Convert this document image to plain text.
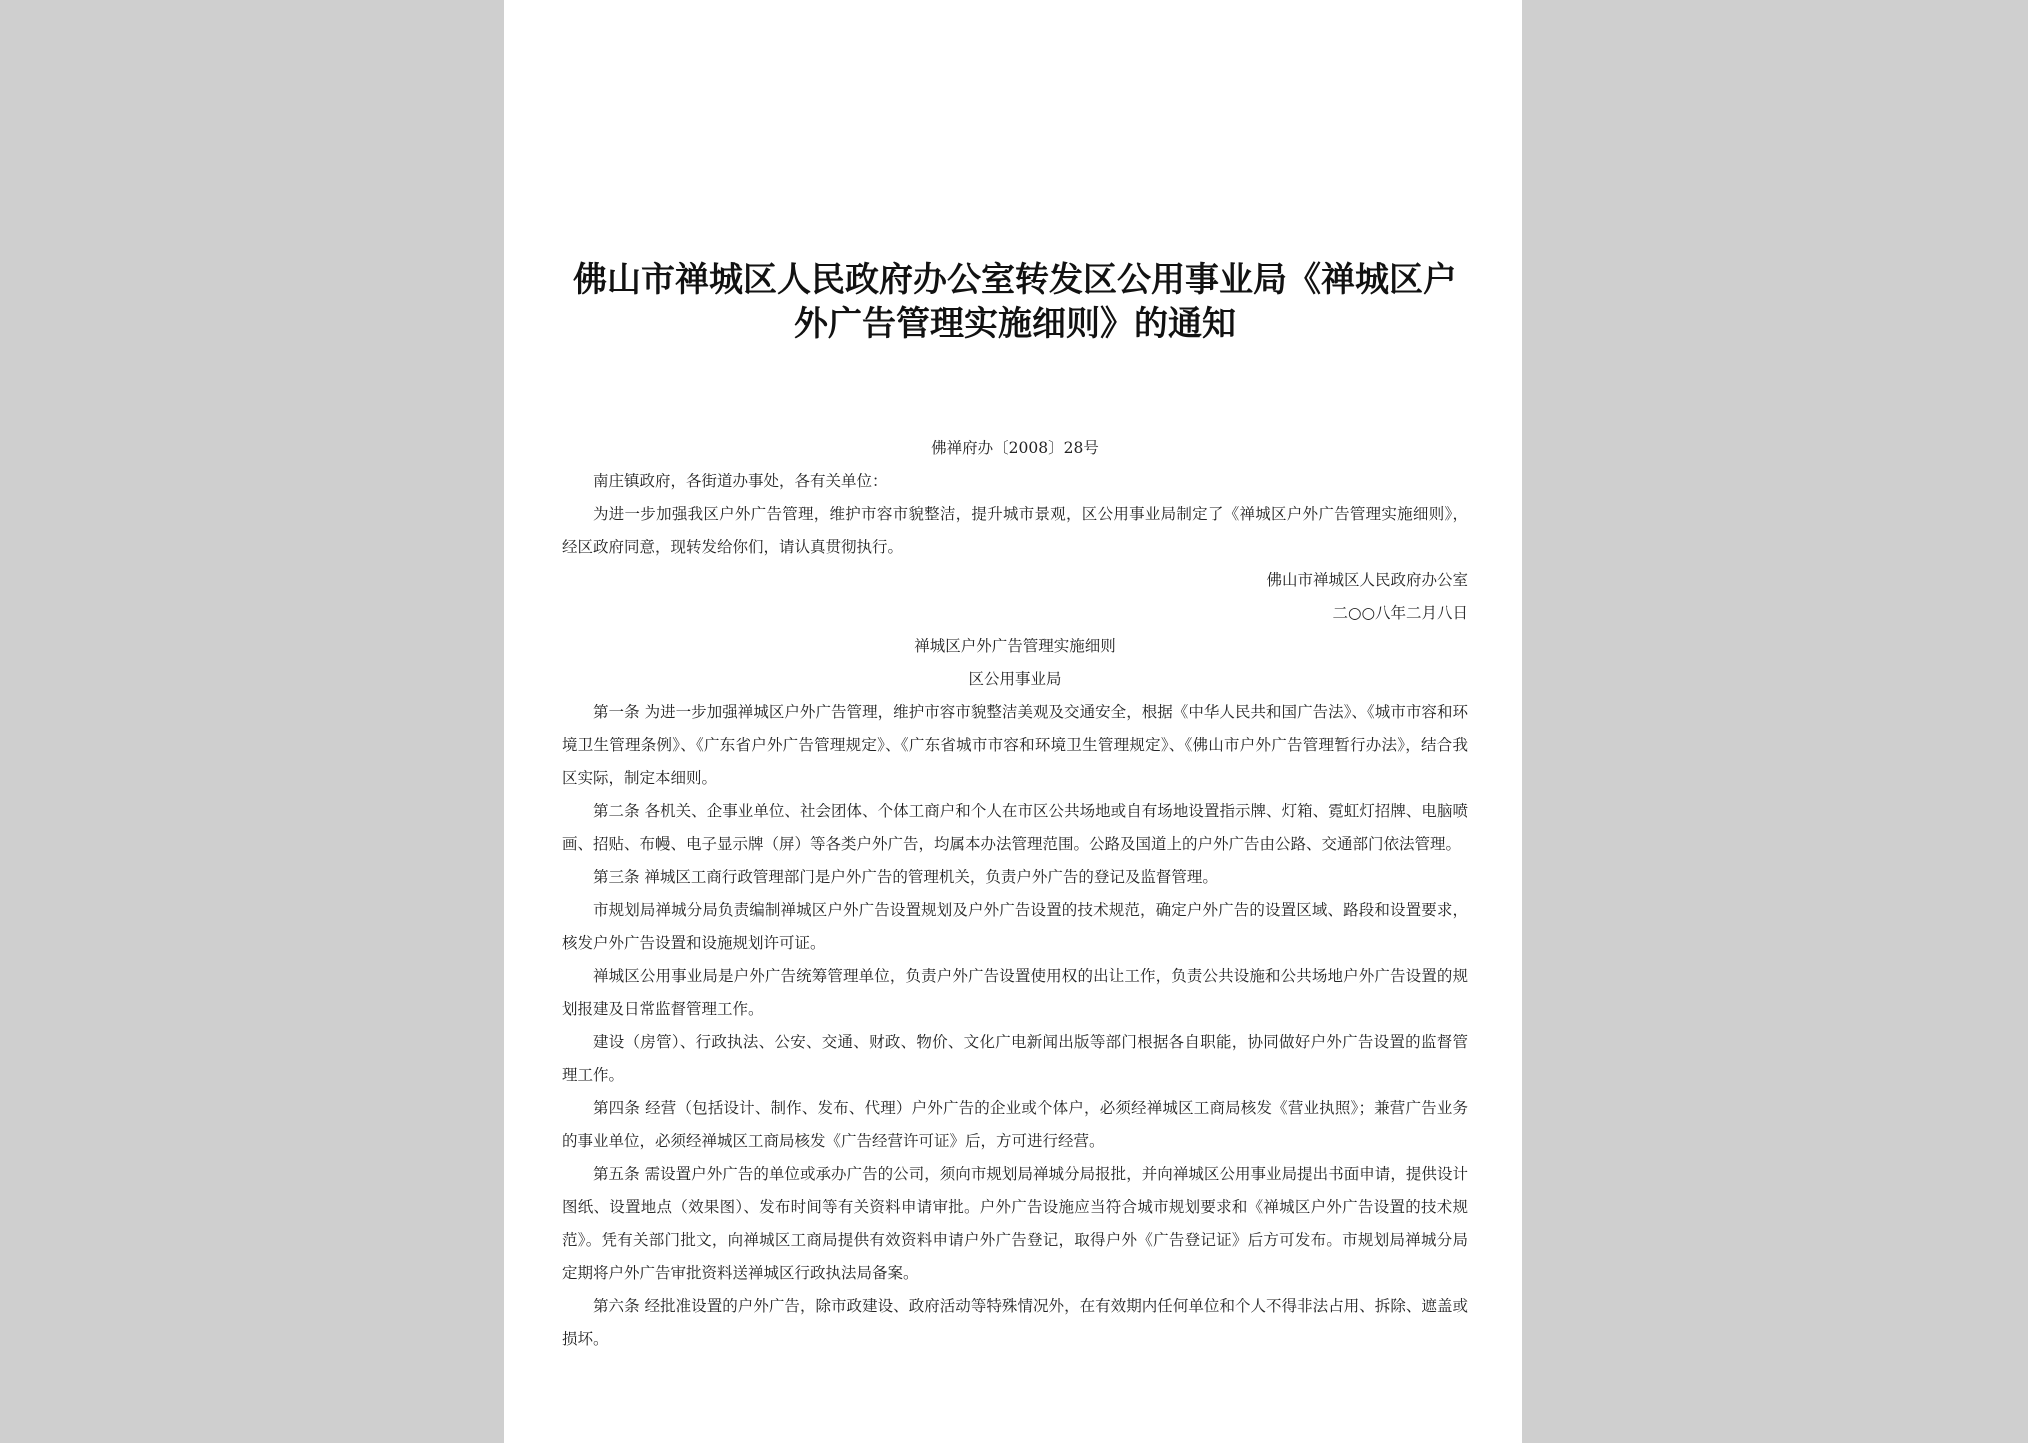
佛山市禅城区人民政府办公室转发区公用事业局《禅城区户外广告管理实施细则》的通知

佛禅府办〔2008〕28号

南庄镇政府，各街道办事处，各有关单位：

为进一步加强我区户外广告管理，维护市容市貌整洁，提升城市景观，区公用事业局制定了《禅城区户外广告管理实施细则》，经区政府同意，现转发给你们，请认真贯彻执行。

佛山市禅城区人民政府办公室

二○○八年二月八日

禅城区户外广告管理实施细则

区公用事业局

第一条 为进一步加强禅城区户外广告管理，维护市容市貌整洁美观及交通安全，根据《中华人民共和国广告法》、《城市市容和环境卫生管理条例》、《广东省户外广告管理规定》、《广东省城市市容和环境卫生管理规定》、《佛山市户外广告管理暂行办法》，结合我区实际，制定本细则。

第二条 各机关、企事业单位、社会团体、个体工商户和个人在市区公共场地或自有场地设置指示牌、灯箱、霓虹灯招牌、电脑喷画、招贴、布幔、电子显示牌（屏）等各类户外广告，均属本办法管理范围。公路及国道上的户外广告由公路、交通部门依法管理。

第三条 禅城区工商行政管理部门是户外广告的管理机关，负责户外广告的登记及监督管理。

市规划局禅城分局负责编制禅城区户外广告设置规划及户外广告设置的技术规范，确定户外广告的设置区域、路段和设置要求，核发户外广告设置和设施规划许可证。

禅城区公用事业局是户外广告统筹管理单位，负责户外广告设置使用权的出让工作，负责公共设施和公共场地户外广告设置的规划报建及日常监督管理工作。

建设（房管）、行政执法、公安、交通、财政、物价、文化广电新闻出版等部门根据各自职能，协同做好户外广告设置的监督管理工作。

第四条 经营（包括设计、制作、发布、代理）户外广告的企业或个体户，必须经禅城区工商局核发《营业执照》；兼营广告业务的事业单位，必须经禅城区工商局核发《广告经营许可证》后，方可进行经营。

第五条 需设置户外广告的单位或承办广告的公司，须向市规划局禅城分局报批，并向禅城区公用事业局提出书面申请，提供设计图纸、设置地点（效果图）、发布时间等有关资料申请审批。户外广告设施应当符合城市规划要求和《禅城区户外广告设置的技术规范》。凭有关部门批文，向禅城区工商局提供有效资料申请户外广告登记，取得户外《广告登记证》后方可发布。市规划局禅城分局定期将户外广告审批资料送禅城区行政执法局备案。

第六条 经批准设置的户外广告，除市政建设、政府活动等特殊情况外，在有效期内任何单位和个人不得非法占用、拆除、遮盖或损坏。
